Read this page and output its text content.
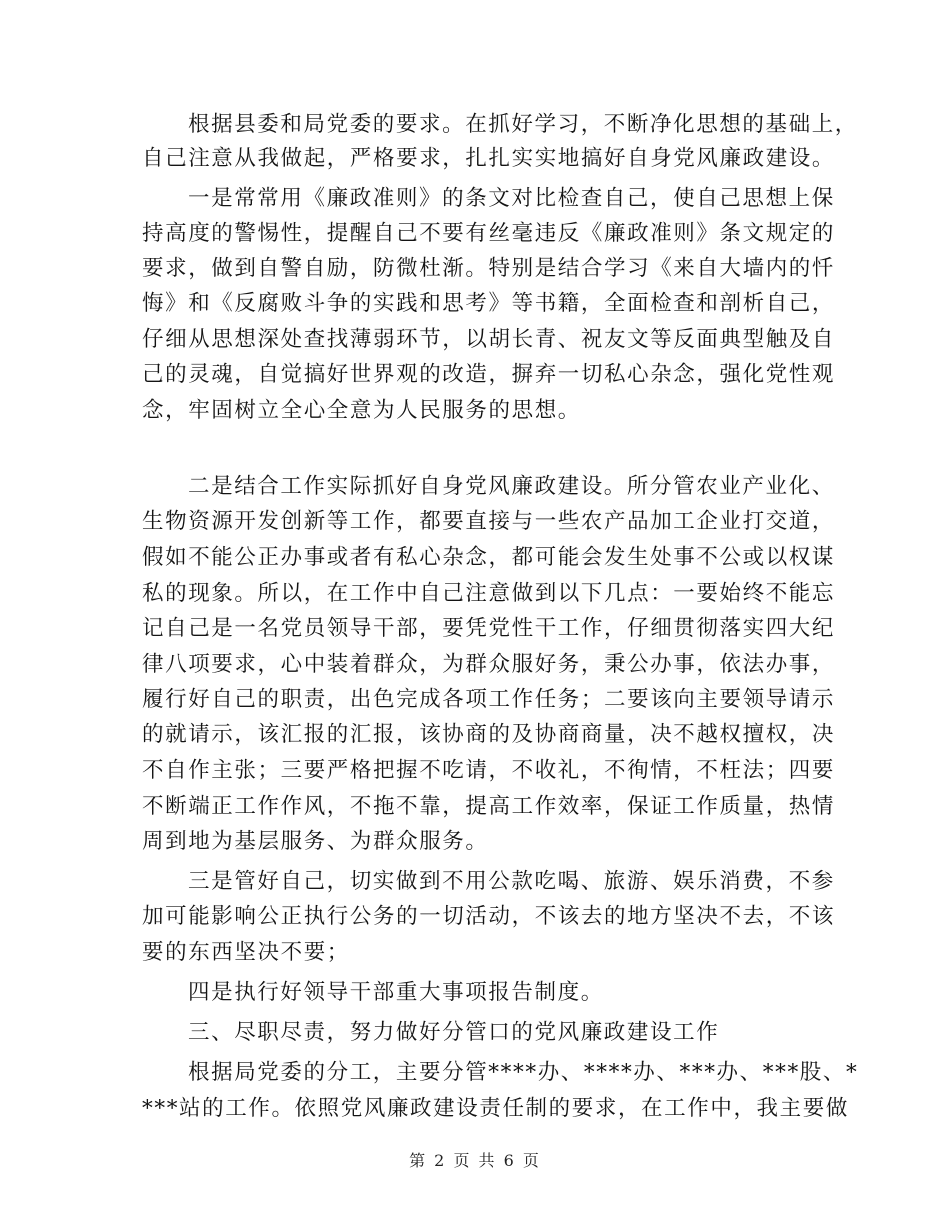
根据县委和局党委的要求。在抓好学习，不断净化思想的基础上，
自己注意从我做起，严格要求，扎扎实实地搞好自身党风廉政建设。
一是常常用《廉政准则》的条文对比检查自己，使自己思想上保
持高度的警惕性，提醒自己不要有丝毫违反《廉政准则》条文规定的
要求，做到自警自励，防微杜渐。特别是结合学习《来自大墙内的忏
悔》和《反腐败斗争的实践和思考》等书籍，全面检查和剖析自己，
仔细从思想深处查找薄弱环节，以胡长青、祝友文等反面典型触及自
己的灵魂，自觉搞好世界观的改造，摒弃一切私心杂念，强化党性观
念，牢固树立全心全意为人民服务的思想。
二是结合工作实际抓好自身党风廉政建设。所分管农业产业化、
生物资源开发创新等工作，都要直接与一些农产品加工企业打交道，
假如不能公正办事或者有私心杂念，都可能会发生处事不公或以权谋
私的现象。所以，在工作中自己注意做到以下几点：一要始终不能忘
记自己是一名党员领导干部，要凭党性干工作，仔细贯彻落实四大纪
律八项要求，心中装着群众，为群众服好务，秉公办事，依法办事，
履行好自己的职责，出色完成各项工作任务；二要该向主要领导请示
的就请示，该汇报的汇报，该协商的及协商商量，决不越权擅权，决
不自作主张；三要严格把握不吃请，不收礼，不徇情，不枉法；四要
不断端正工作作风，不拖不靠，提高工作效率，保证工作质量，热情
周到地为基层服务、为群众服务。
三是管好自己，切实做到不用公款吃喝、旅游、娱乐消费，不参
加可能影响公正执行公务的一切活动，不该去的地方坚决不去，不该
要的东西坚决不要；
四是执行好领导干部重大事项报告制度。
三、尽职尽责，努力做好分管口的党风廉政建设工作
根据局党委的分工，主要分管****办、****办、***办、***股、*
***站的工作。依照党风廉政建设责任制的要求，在工作中，我主要做
第 2 页 共 6 页
